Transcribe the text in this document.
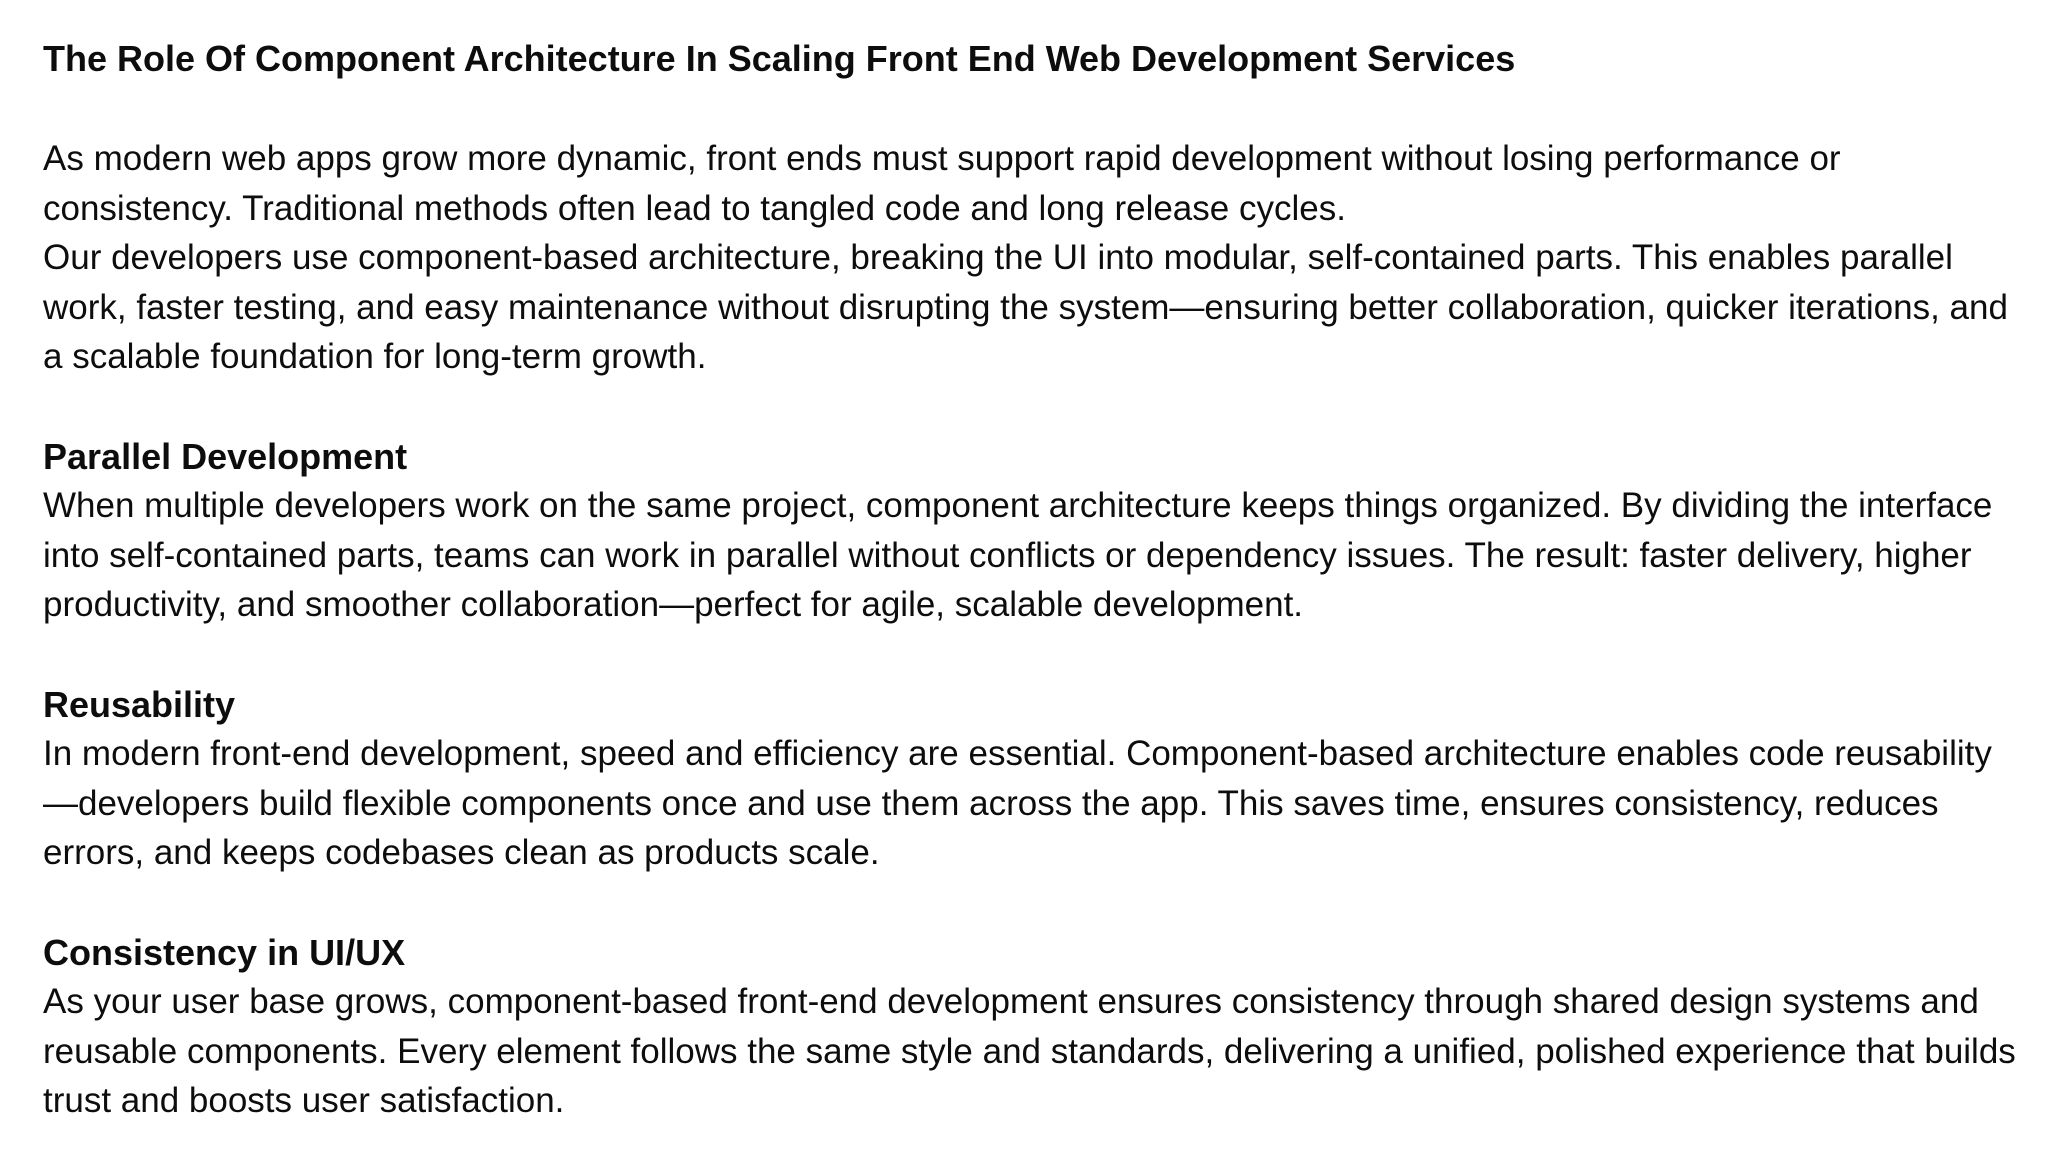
The Role Of Component Architecture In Scaling Front End Web Development Services

As modern web apps grow more dynamic, front ends must support rapid development without losing performance or consistency. Traditional methods often lead to tangled code and long release cycles.

Our developers use component-based architecture, breaking the UI into modular, self-contained parts. This enables parallel work, faster testing, and easy maintenance without disrupting the system—ensuring better collaboration, quicker iterations, and a scalable foundation for long-term growth.

Parallel Development

When multiple developers work on the same project, component architecture keeps things organized. By dividing the interface into self-contained parts, teams can work in parallel without conflicts or dependency issues. The result: faster delivery, higher productivity, and smoother collaboration—perfect for agile, scalable development.

Reusability

In modern front-end development, speed and efficiency are essential. Component-based architecture enables code reusability—developers build flexible components once and use them across the app. This saves time, ensures consistency, reduces errors, and keeps codebases clean as products scale.

Consistency in UI/UX

As your user base grows, component-based front-end development ensures consistency through shared design systems and reusable components. Every element follows the same style and standards, delivering a unified, polished experience that builds trust and boosts user satisfaction.
